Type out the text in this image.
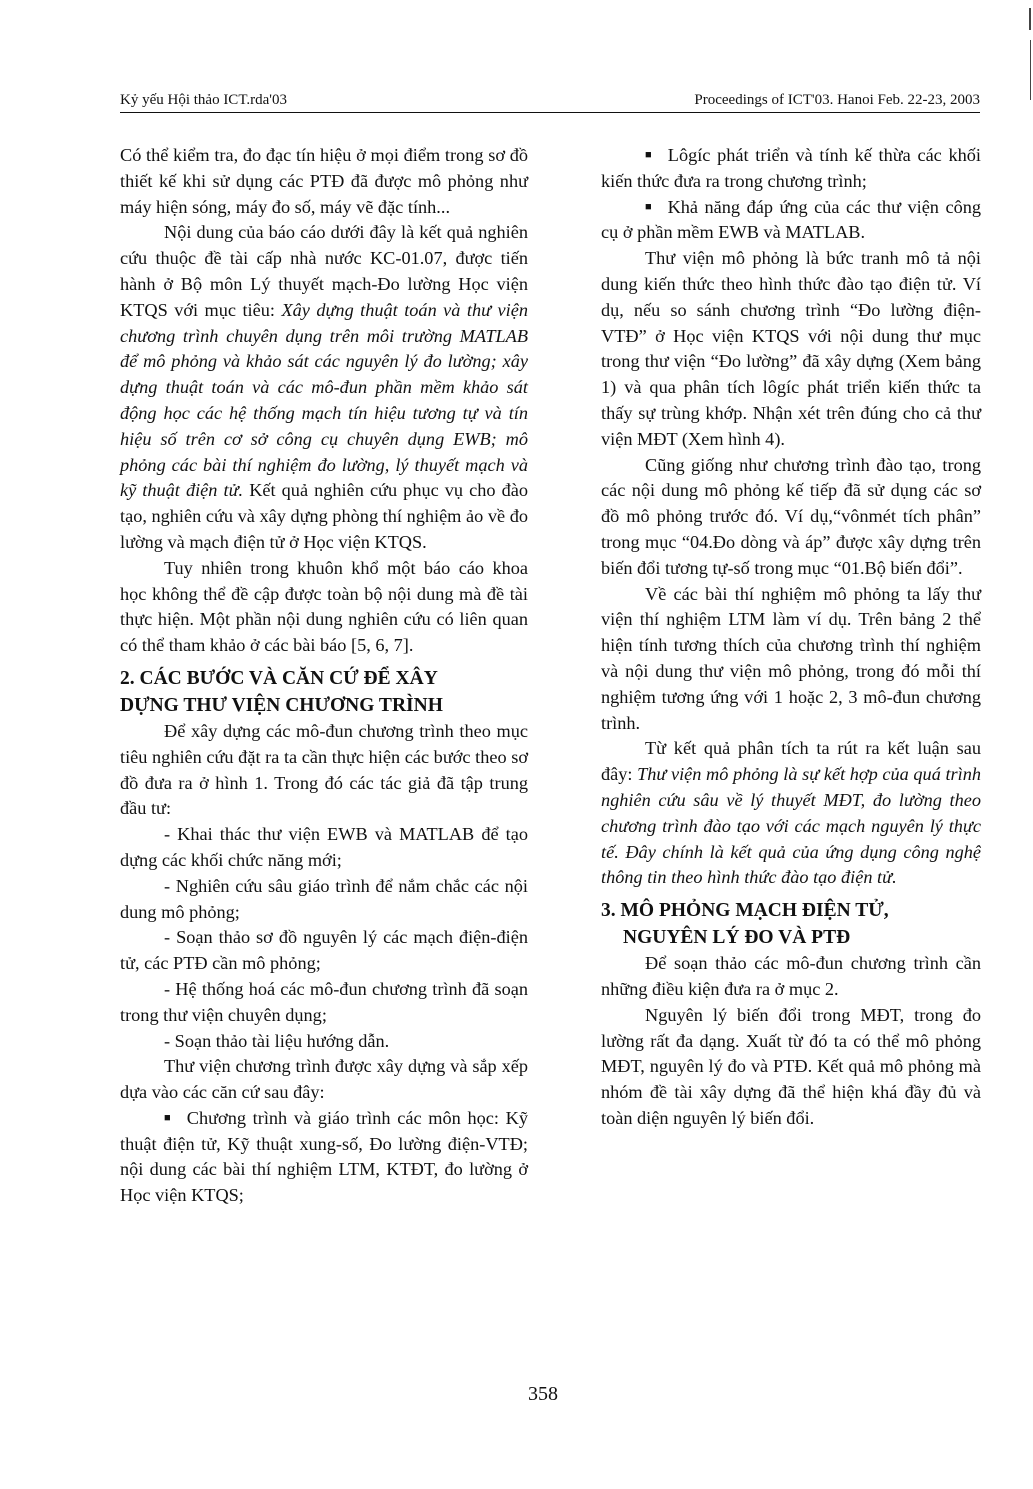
Kỷ yếu Hội thảo ICT.rda'03	Proceedings of ICT'03. Hanoi Feb. 22-23, 2003

Có thể kiểm tra, đo đạc tín hiệu ở mọi điểm trong sơ đồ thiết kế khi sử dụng các PTĐ đã được mô phỏng như máy hiện sóng, máy đo số, máy vẽ đặc tính...

Nội dung của báo cáo dưới đây là kết quả nghiên cứu thuộc đề tài cấp nhà nước KC-01.07, được tiến hành ở Bộ môn Lý thuyết mạch-Đo lường Học viện KTQS với mục tiêu: Xây dựng thuật toán và thư viện chương trình chuyên dụng trên môi trường MATLAB để mô phỏng và khảo sát các nguyên lý đo lường; xây dựng thuật toán và các mô-đun phần mềm khảo sát động học các hệ thống mạch tín hiệu tương tự và tín hiệu số trên cơ sở công cụ chuyên dụng EWB; mô phỏng các bài thí nghiệm đo lường, lý thuyết mạch và kỹ thuật điện tử. Kết quả nghiên cứu phục vụ cho đào tạo, nghiên cứu và xây dựng phòng thí nghiệm ảo về đo lường và mạch điện tử ở Học viện KTQS.

Tuy nhiên trong khuôn khổ một báo cáo khoa học không thể đề cập được toàn bộ nội dung mà đề tài thực hiện. Một phần nội dung nghiên cứu có liên quan có thể tham khảo ở các bài báo [5, 6, 7].

2. CÁC BƯỚC VÀ CĂN CỨ ĐỂ XÂY
DỰNG THƯ VIỆN CHƯƠNG TRÌNH

Để xây dựng các mô-đun chương trình theo mục tiêu nghiên cứu đặt ra ta cần thực hiện các bước theo sơ đồ đưa ra ở hình 1. Trong đó các tác giả đã tập trung đầu tư:

- Khai thác thư viện EWB và MATLAB để tạo dựng các khối chức năng mới;

- Nghiên cứu sâu giáo trình để nắm chắc các nội dung mô phỏng;

- Soạn thảo sơ đồ nguyên lý các mạch điện-điện tử, các PTĐ cần mô phỏng;

- Hệ thống hoá các mô-đun chương trình đã soạn trong thư viện chuyên dụng;

- Soạn thảo tài liệu hướng dẫn.

Thư viện chương trình được xây dựng và sắp xếp dựa vào các căn cứ sau đây:

■ Chương trình và giáo trình các môn học: Kỹ thuật điện tử, Kỹ thuật xung-số, Đo lường điện-VTĐ; nội dung các bài thí nghiệm LTM, KTĐT, đo lường ở Học viện KTQS;

■ Lôgíc phát triển và tính kế thừa các khối kiến thức đưa ra trong chương trình;

■ Khả năng đáp ứng của các thư viện công cụ ở phần mềm EWB và MATLAB.

Thư viện mô phỏng là bức tranh mô tả nội dung kiến thức theo hình thức đào tạo điện tử. Ví dụ, nếu so sánh chương trình “Đo lường điện-VTĐ” ở Học viện KTQS với nội dung thư mục trong thư viện “Đo lường” đã xây dựng (Xem bảng 1) và qua phân tích lôgíc phát triển kiến thức ta thấy sự trùng khớp. Nhận xét trên đúng cho cả thư viện MĐT (Xem hình 4).

Cũng giống như chương trình đào tạo, trong các nội dung mô phỏng kế tiếp đã sử dụng các sơ đồ mô phỏng trước đó. Ví dụ,“vônmét tích phân” trong mục “04.Đo dòng và áp” được xây dựng trên biến đổi tương tự-số trong mục “01.Bộ biến đổi”.

Về các bài thí nghiệm mô phỏng ta lấy thư viện thí nghiệm LTM làm ví dụ. Trên bảng 2 thể hiện tính tương thích của chương trình thí nghiệm và nội dung thư viện mô phỏng, trong đó mỗi thí nghiệm tương ứng với 1 hoặc 2, 3 mô-đun chương trình.

Từ kết quả phân tích ta rút ra kết luận sau đây: Thư viện mô phỏng là sự kết hợp của quá trình nghiên cứu sâu về lý thuyết MĐT, đo lường theo chương trình đào tạo với các mạch nguyên lý thực tế. Đây chính là kết quả của ứng dụng công nghệ thông tin theo hình thức đào tạo điện tử.

3. MÔ PHỎNG MẠCH ĐIỆN TỬ,
NGUYÊN LÝ ĐO VÀ PTĐ

Để soạn thảo các mô-đun chương trình cần những điều kiện đưa ra ở mục 2.

Nguyên lý biến đổi trong MĐT, trong đo lường rất đa dạng. Xuất từ đó ta có thể mô phỏng MĐT, nguyên lý đo và PTĐ. Kết quả mô phỏng mà nhóm đề tài xây dựng đã thể hiện khá đầy đủ và toàn diện nguyên lý biến đổi.

358
